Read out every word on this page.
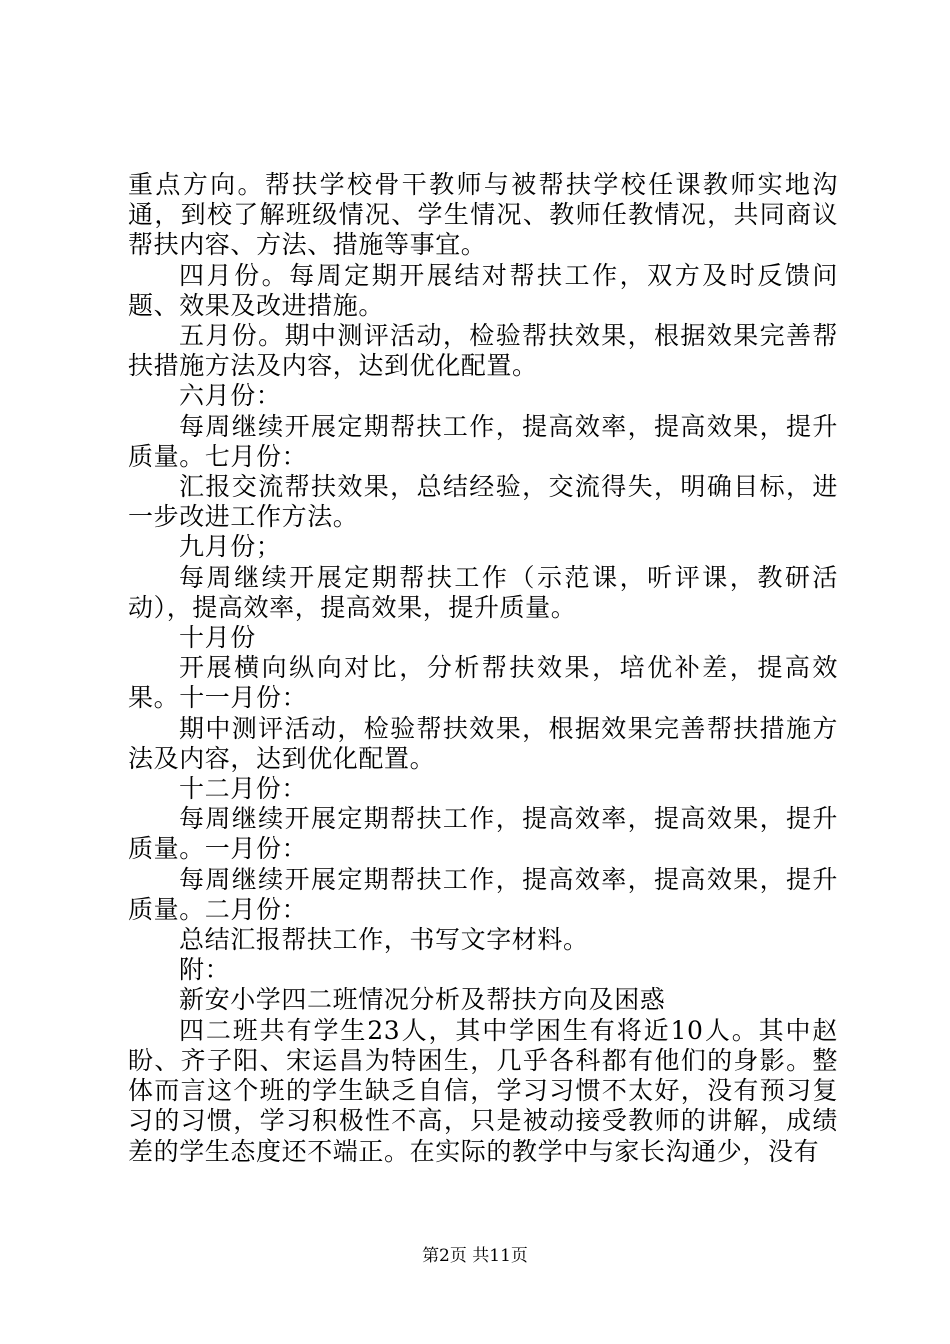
重点方向。帮扶学校骨干教师与被帮扶学校任课教师实地沟通，到校了解班级情况、学生情况、教师任教情况，共同商议帮扶内容、方法、措施等事宜。

四月份。每周定期开展结对帮扶工作，双方及时反馈问题、效果及改进措施。

五月份。期中测评活动，检验帮扶效果，根据效果完善帮扶措施方法及内容，达到优化配置。

六月份：

每周继续开展定期帮扶工作，提高效率，提高效果，提升质量。七月份：

汇报交流帮扶效果，总结经验，交流得失，明确目标，进一步改进工作方法。

九月份；

每周继续开展定期帮扶工作（示范课，听评课，教研活动），提高效率，提高效果，提升质量。

十月份

开展横向纵向对比，分析帮扶效果，培优补差，提高效果。十一月份：

期中测评活动，检验帮扶效果，根据效果完善帮扶措施方法及内容，达到优化配置。

十二月份：

每周继续开展定期帮扶工作，提高效率，提高效果，提升质量。一月份：

每周继续开展定期帮扶工作，提高效率，提高效果，提升质量。二月份：

总结汇报帮扶工作，书写文字材料。

附：

新安小学四二班情况分析及帮扶方向及困惑

四二班共有学生23人，其中学困生有将近10人。其中赵盼、齐子阳、宋运昌为特困生，几乎各科都有他们的身影。整体而言这个班的学生缺乏自信，学习习惯不太好，没有预习复习的习惯，学习积极性不高，只是被动接受教师的讲解，成绩差的学生态度还不端正。在实际的教学中与家长沟通少，没有

第2页 共11页
